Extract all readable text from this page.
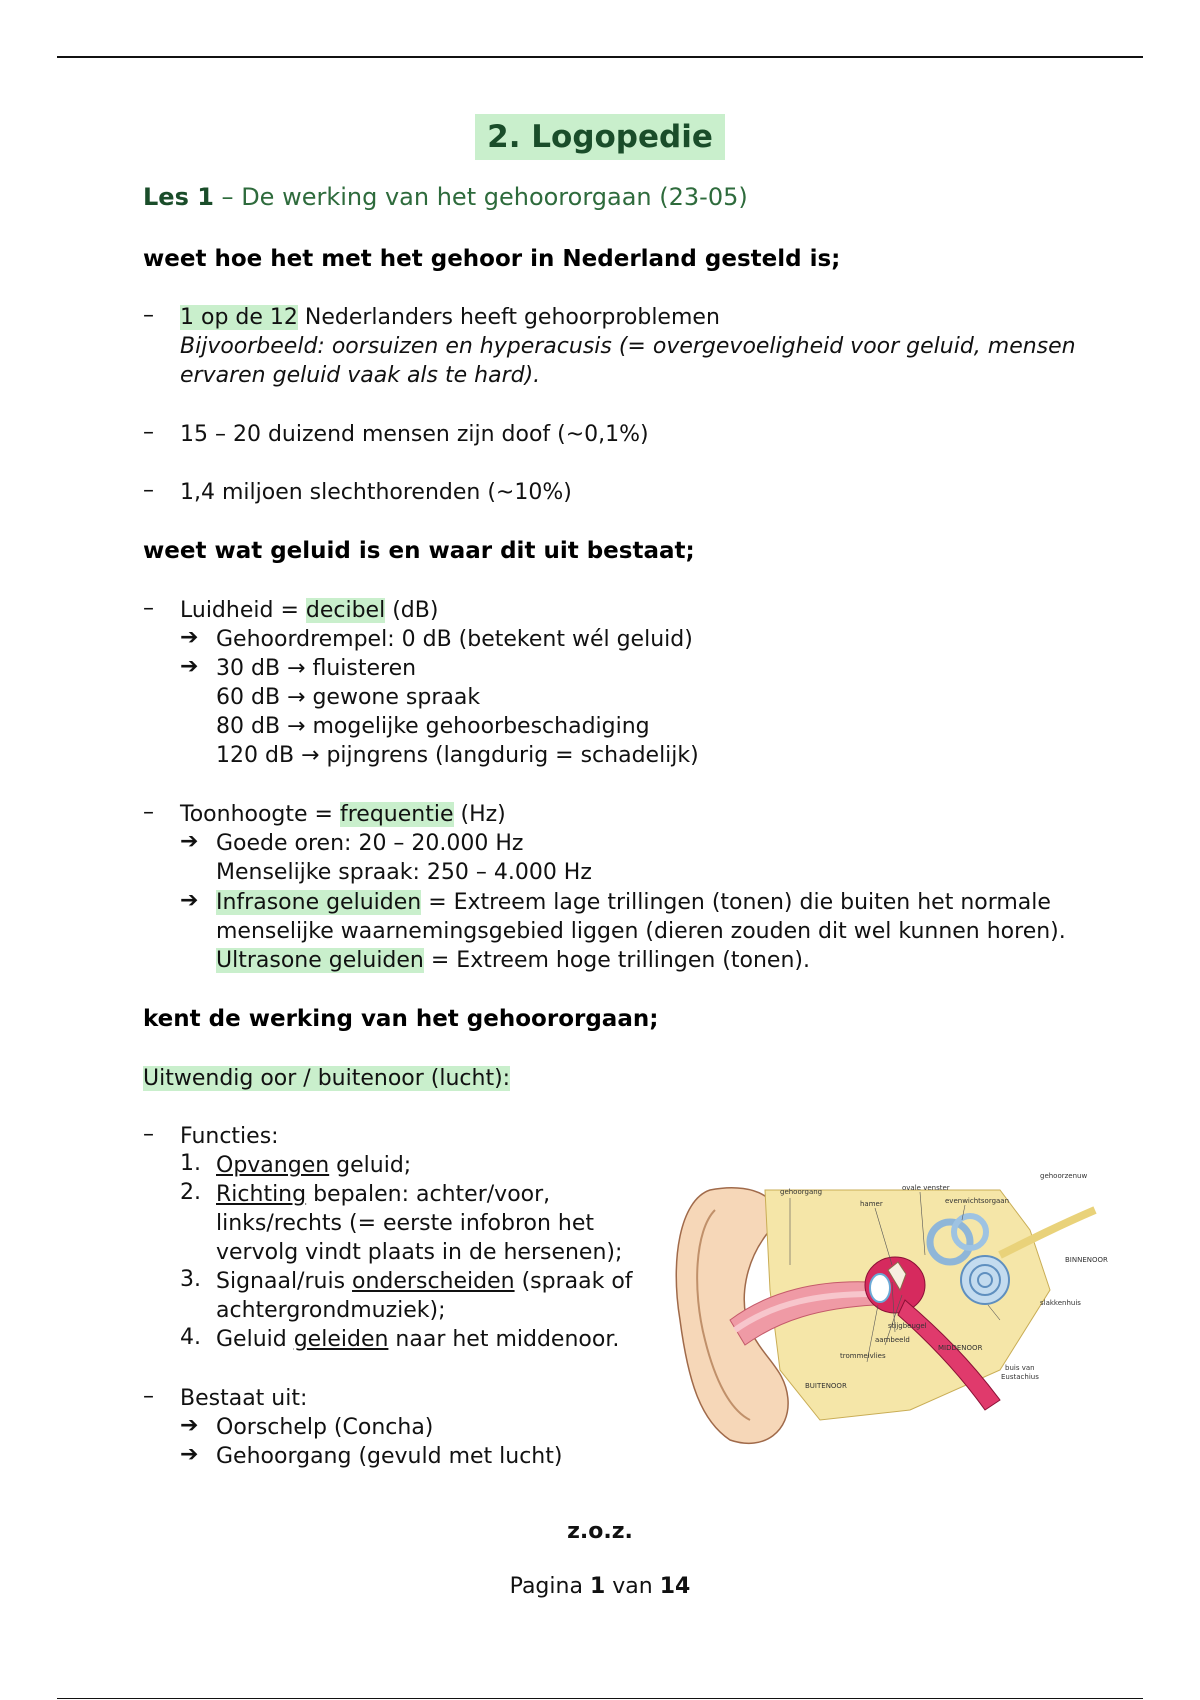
2. Logopedie
Les 1 – De werking van het gehoororgaan (23-05)
weet hoe het met het gehoor in Nederland gesteld is;
– 1 op de 12 Nederlanders heeft gehoorproblemen
Bijvoorbeeld: oorsuizen en hyperacusis (= overgevoeligheid voor geluid, mensen
ervaren geluid vaak als te hard).
– 15 – 20 duizend mensen zijn doof (~0,1%)
– 1,4 miljoen slechthorenden (~10%)
weet wat geluid is en waar dit uit bestaat;
– Luidheid = decibel (dB)
➔ Gehoordrempel: 0 dB (betekent wél geluid)
➔ 30 dB → fluisteren
60 dB → gewone spraak
80 dB → mogelijke gehoorbeschadiging
120 dB → pijngrens (langdurig = schadelijk)
– Toonhoogte = frequentie (Hz)
➔ Goede oren: 20 – 20.000 Hz
Menselijke spraak: 250 – 4.000 Hz
➔ Infrasone geluiden = Extreem lage trillingen (tonen) die buiten het normale
menselijke waarnemingsgebied liggen (dieren zouden dit wel kunnen horen).
Ultrasone geluiden = Extreem hoge trillingen (tonen).
kent de werking van het gehoororgaan;
Uitwendig oor / buitenoor (lucht):
– Functies:
1. Opvangen geluid;
2. Richting bepalen: achter/voor,
links/rechts (= eerste infobron het
vervolg vindt plaats in de hersenen);
3. Signaal/ruis onderscheiden (spraak of
achtergrondmuziek);
4. Geluid geleiden naar het middenoor.
– Bestaat uit:
➔ Oorschelp (Concha)
➔ Gehoorgang (gevuld met lucht)
gehoorgang
hamer
ovale venster
evenwichtsorgaan
gehoorzenuw
BINNENOOR
slakkenhuis
stijgbeugel
aambeeld
trommelvlies
MIDDENOOR
buis van
Eustachius
BUITENOOR
z.o.z.
Pagina 1 van 14
